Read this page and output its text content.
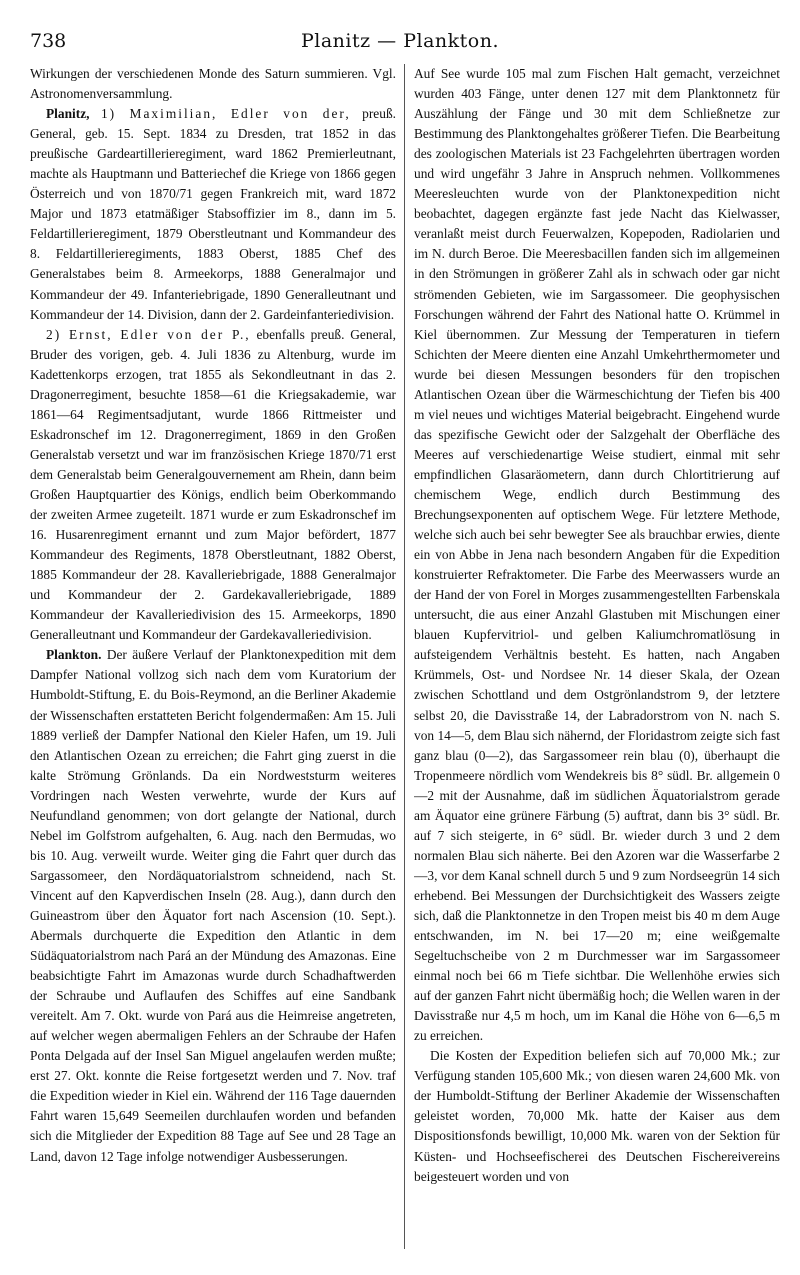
738	Planitz — Plankton.

Wirkungen der verschiedenen Monde des Saturn summieren. Vgl. Astronomenversammlung.

Planitz, 1) Maximilian, Edler von der, preuß. General, geb. 15. Sept. 1834 zu Dresden, trat 1852 in das preußische Gardeartillerieregiment, ward 1862 Premierleutnant, machte als Hauptmann und Batteriechef die Kriege von 1866 gegen Österreich und von 1870/71 gegen Frankreich mit, ward 1872 Major und 1873 etatmäßiger Stabsoffizier im 8., dann im 5. Feldartillerieregiment, 1879 Oberstleutnant und Kommandeur des 8. Feldartillerieregiments, 1883 Oberst, 1885 Chef des Generalstabes beim 8. Armeekorps, 1888 Generalmajor und Kommandeur der 49. Infanteriebrigade, 1890 Generalleutnant und Kommandeur der 14. Division, dann der 2. Gardeinfanteriedivision.

2) Ernst, Edler von der P., ebenfalls preuß. General, Bruder des vorigen, geb. 4. Juli 1836 zu Altenburg, wurde im Kadettenkorps erzogen, trat 1855 als Sekondleutnant in das 2. Dragonerregiment, besuchte 1858—61 die Kriegsakademie, war 1861—64 Regimentsadjutant, wurde 1866 Rittmeister und Eskadronschef im 12. Dragonerregiment, 1869 in den Großen Generalstab versetzt und war im französischen Kriege 1870/71 erst dem Generalstab beim Generalgouvernement am Rhein, dann beim Großen Hauptquartier des Königs, endlich beim Oberkommando der zweiten Armee zugeteilt. 1871 wurde er zum Eskadronschef im 16. Husarenregiment ernannt und zum Major befördert, 1877 Kommandeur des Regiments, 1878 Oberstleutnant, 1882 Oberst, 1885 Kommandeur der 28. Kavalleriebrigade, 1888 Generalmajor und Kommandeur der 2. Gardekavalleriebrigade, 1889 Kommandeur der Kavalleriedivision des 15. Armeekorps, 1890 Generalleutnant und Kommandeur der Gardekavalleriedivision.

Plankton. Der äußere Verlauf der Planktonexpedition mit dem Dampfer National vollzog sich nach dem vom Kuratorium der Humboldt-Stiftung, E. du Bois-Reymond, an die Berliner Akademie der Wissenschaften erstatteten Bericht folgendermaßen: Am 15. Juli 1889 verließ der Dampfer National den Kieler Hafen, um 19. Juli den Atlantischen Ozean zu erreichen; die Fahrt ging zuerst in die kalte Strömung Grönlands. Da ein Nordweststurm weiteres Vordringen nach Westen verwehrte, wurde der Kurs auf Neufundland genommen; von dort gelangte der National, durch Nebel im Golfstrom aufgehalten, 6. Aug. nach den Bermudas, wo bis 10. Aug. verweilt wurde. Weiter ging die Fahrt quer durch das Sargassomeer, den Nordäquatorialstrom schneidend, nach St. Vincent auf den Kapverdischen Inseln (28. Aug.), dann durch den Guineastrom über den Äquator fort nach Ascension (10. Sept.). Abermals durchquerte die Expedition den Atlantic in dem Südäquatorialstrom nach Pará an der Mündung des Amazonas. Eine beabsichtigte Fahrt im Amazonas wurde durch Schadhaftwerden der Schraube und Auflaufen des Schiffes auf eine Sandbank vereitelt. Am 7. Okt. wurde von Pará aus die Heimreise angetreten, auf welcher wegen abermaligen Fehlers an der Schraube der Hafen Ponta Delgada auf der Insel San Miguel angelaufen werden mußte; erst 27. Okt. konnte die Reise fortgesetzt werden und 7. Nov. traf die Expedition wieder in Kiel ein. Während der 116 Tage dauernden Fahrt waren 15,649 Seemeilen durchlaufen worden und befanden sich die Mitglieder der Expedition 88 Tage auf See und 28 Tage an Land, davon 12 Tage infolge notwendiger Ausbesserungen.

Auf See wurde 105 mal zum Fischen Halt gemacht, verzeichnet wurden 403 Fänge, unter denen 127 mit dem Planktonnetz für Auszählung der Fänge und 30 mit dem Schließnetze zur Bestimmung des Planktongehaltes größerer Tiefen. Die Bearbeitung des zoologischen Materials ist 23 Fachgelehrten übertragen worden und wird ungefähr 3 Jahre in Anspruch nehmen. Vollkommenes Meeresleuchten wurde von der Planktonexpedition nicht beobachtet, dagegen ergänzte fast jede Nacht das Kielwasser, veranlaßt meist durch Feuerwalzen, Kopepoden, Radiolarien und im N. durch Beroe. Die Meeresbacillen fanden sich im allgemeinen in den Strömungen in größerer Zahl als in schwach oder gar nicht strömenden Gebieten, wie im Sargassomeer. Die geophysischen Forschungen während der Fahrt des National hatte O. Krümmel in Kiel übernommen. Zur Messung der Temperaturen in tiefern Schichten der Meere dienten eine Anzahl Umkehrthermometer und wurde bei diesen Messungen besonders für den tropischen Atlantischen Ozean über die Wärmeschichtung der Tiefen bis 400 m viel neues und wichtiges Material beigebracht. Eingehend wurde das spezifische Gewicht oder der Salzgehalt der Oberfläche des Meeres auf verschiedenartige Weise studiert, einmal mit sehr empfindlichen Glasaräometern, dann durch Chlortitrierung auf chemischem Wege, endlich durch Bestimmung des Brechungsexponenten auf optischem Wege. Für letztere Methode, welche sich auch bei sehr bewegter See als brauchbar erwies, diente ein von Abbe in Jena nach besondern Angaben für die Expedition konstruierter Refraktometer. Die Farbe des Meerwassers wurde an der Hand der von Forel in Morges zusammengestellten Farbenskala untersucht, die aus einer Anzahl Glastuben mit Mischungen einer blauen Kupfervitriol- und gelben Kaliumchromatlösung in aufsteigendem Verhältnis besteht. Es hatten, nach Angaben Krümmels, Ost- und Nordsee Nr. 14 dieser Skala, der Ozean zwischen Schottland und dem Ostgrönlandstrom 9, der letztere selbst 20, die Davisstraße 14, der Labradorstrom von N. nach S. von 14—5, dem Blau sich nähernd, der Floridastrom zeigte sich fast ganz blau (0—2), das Sargassomeer rein blau (0), überhaupt die Tropenmeere nördlich vom Wendekreis bis 8° südl. Br. allgemein 0—2 mit der Ausnahme, daß im südlichen Äquatorialstrom gerade am Äquator eine grünere Färbung (5) auftrat, dann bis 3° südl. Br. auf 7 sich steigerte, in 6° südl. Br. wieder durch 3 und 2 dem normalen Blau sich näherte. Bei den Azoren war die Wasserfarbe 2—3, vor dem Kanal schnell durch 5 und 9 zum Nordseegrün 14 sich erhebend. Bei Messungen der Durchsichtigkeit des Wassers zeigte sich, daß die Planktonnetze in den Tropen meist bis 40 m dem Auge entschwanden, im N. bei 17—20 m; eine weißgemalte Segeltuchscheibe von 2 m Durchmesser war im Sargassomeer einmal noch bei 66 m Tiefe sichtbar. Die Wellenhöhe erwies sich auf der ganzen Fahrt nicht übermäßig hoch; die Wellen waren in der Davisstraße nur 4,5 m hoch, um im Kanal die Höhe von 6—6,5 m zu erreichen.

Die Kosten der Expedition beliefen sich auf 70,000 Mk.; zur Verfügung standen 105,600 Mk.; von diesen waren 24,600 Mk. von der Humboldt-Stiftung der Berliner Akademie der Wissenschaften geleistet worden, 70,000 Mk. hatte der Kaiser aus dem Dispositionsfonds bewilligt, 10,000 Mk. waren von der Sektion für Küsten- und Hochseefischerei des Deutschen Fischereivereins beigesteuert worden und von
